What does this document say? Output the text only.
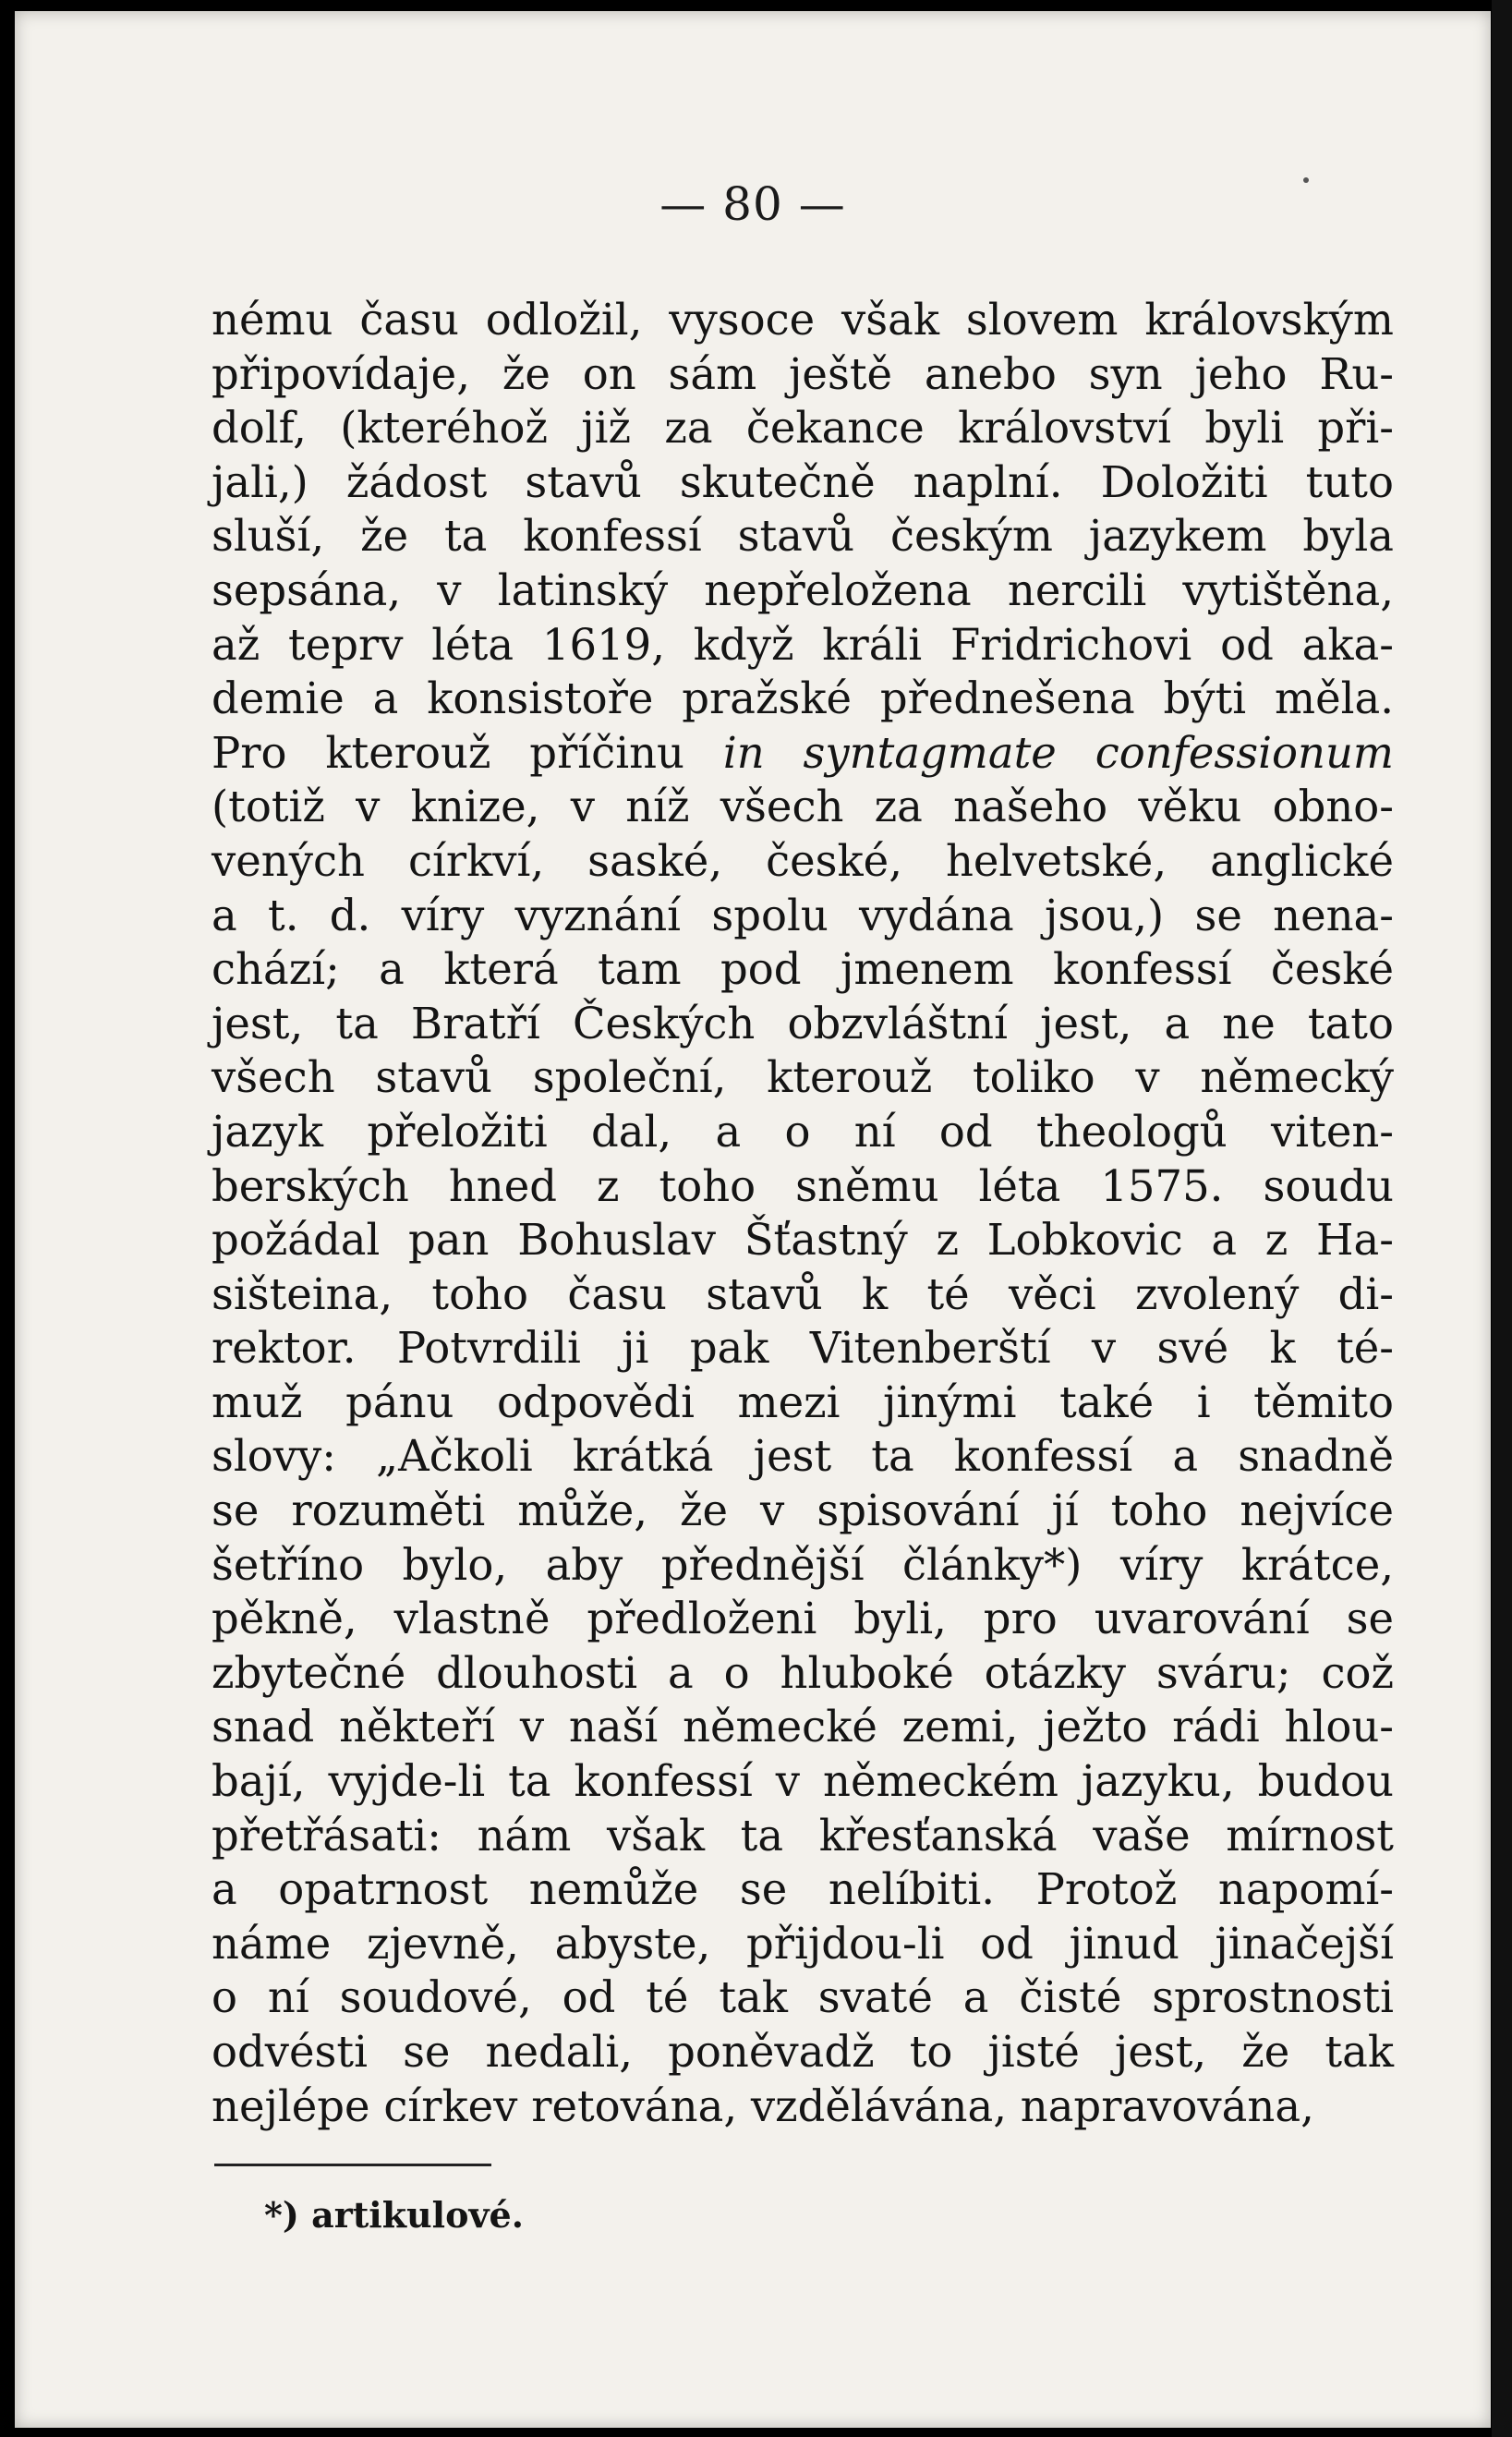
— 80 —
nému času odložil, vysoce však slovem královským
připovídaje, že on sám ještě anebo syn jeho Ru-
dolf, (kteréhož již za čekance království byli při-
jali,) žádost stavů skutečně naplní. Doložiti tuto
sluší, že ta konfessí stavů českým jazykem byla
sepsána, v latinský nepřeložena nercili vytištěna,
až teprv léta 1619, když králi Fridrichovi od aka-
demie a konsistoře pražské přednešena býti měla.
Pro kterouž příčinu in syntagmate confessionum
(totiž v knize, v níž všech za našeho věku obno-
vených církví, saské, české, helvetské, anglické
a t. d. víry vyznání spolu vydána jsou,) se nena-
chází; a která tam pod jmenem konfessí české
jest, ta Bratří Českých obzvláštní jest, a ne tato
všech stavů společní, kterouž toliko v německý
jazyk přeložiti dal, a o ní od theologů viten-
berských hned z toho sněmu léta 1575. soudu
požádal pan Bohuslav Šťastný z Lobkovic a z Ha-
sišteina, toho času stavů k té věci zvolený di-
rektor. Potvrdili ji pak Vitenberští v své k té-
muž pánu odpovědi mezi jinými také i těmito
slovy: „Ačkoli krátká jest ta konfessí a snadně
se rozuměti může, že v spisování jí toho nejvíce
šetříno bylo, aby přednější články*) víry krátce,
pěkně, vlastně předloženi byli, pro uvarování se
zbytečné dlouhosti a o hluboké otázky sváru; což
snad někteří v naší německé zemi, ježto rádi hlou-
bají, vyjde-li ta konfessí v německém jazyku, budou
přetřásati: nám však ta křesťanská vaše mírnost
a opatrnost nemůže se nelíbiti. Protož napomí-
náme zjevně, abyste, přijdou-li od jinud jinačejší
o ní soudové, od té tak svaté a čisté sprostnosti
odvésti se nedali, poněvadž to jisté jest, že tak
nejlépe církev retována, vzdělávána, napravována,
*) artikulové.
